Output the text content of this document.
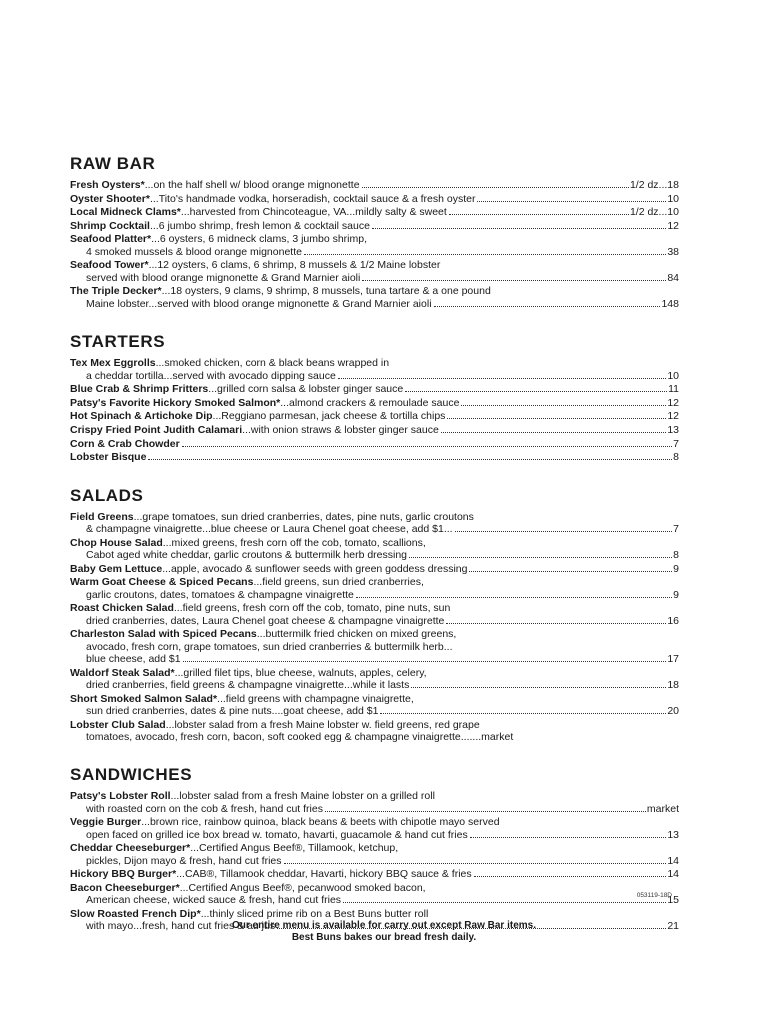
RAW BAR
Fresh Oysters* ...on the half shell w/ blood orange mignonette	1/2 dz...18
Oyster Shooter* ...Tito's handmade vodka, horseradish, cocktail sauce & a fresh oyster	10
Local Midneck Clams* ...harvested from Chincoteague, VA...mildly salty & sweet	1/2 dz...10
Shrimp Cocktail ...6 jumbo shrimp, fresh lemon & cocktail sauce	12
Seafood Platter* ...6 oysters, 6 midneck clams, 3 jumbo shrimp,
4 smoked mussels & blood orange mignonette	38
Seafood Tower* ...12 oysters, 6 clams, 6 shrimp, 8 mussels & 1/2 Maine lobster
served with blood orange mignonette & Grand Marnier aioli	84
The Triple Decker* ...18 oysters, 9 clams, 9 shrimp, 8 mussels, tuna tartare & a one pound
Maine lobster...served with blood orange mignonette & Grand Marnier aioli	148
STARTERS
Tex Mex Eggrolls ...smoked chicken, corn & black beans wrapped in
a cheddar tortilla...served with avocado dipping sauce	10
Blue Crab & Shrimp Fritters ...grilled corn salsa & lobster ginger sauce	11
Patsy's Favorite Hickory Smoked Salmon* ...almond crackers & remoulade sauce	12
Hot Spinach & Artichoke Dip ...Reggiano parmesan, jack cheese & tortilla chips	12
Crispy Fried Point Judith Calamari ...with onion straws & lobster ginger sauce	13
Corn & Crab Chowder	7
Lobster Bisque	8
SALADS
Field Greens ...grape tomatoes, sun dried cranberries, dates, pine nuts, garlic croutons
& champagne vinaigrette...blue cheese or Laura Chenel goat cheese, add $1...	7
Chop House Salad ...mixed greens, fresh corn off the cob, tomato, scallions,
Cabot aged white cheddar, garlic croutons & buttermilk herb dressing	8
Baby Gem Lettuce ...apple, avocado & sunflower seeds with green goddess dressing	9
Warm Goat Cheese & Spiced Pecans ...field greens, sun dried cranberries,
garlic croutons, dates, tomatoes & champagne vinaigrette	9
Roast Chicken Salad ...field greens, fresh corn off the cob, tomato, pine nuts, sun
dried cranberries, dates, Laura Chenel goat cheese & champagne vinaigrette	16
Charleston Salad with Spiced Pecans ...buttermilk fried chicken on mixed greens,
avocado, fresh corn, grape tomatoes, sun dried cranberries & buttermilk herb...
blue cheese, add $1	17
Waldorf Steak Salad* ...grilled filet tips, blue cheese, walnuts, apples, celery,
dried cranberries, field greens & champagne vinaigrette...while it lasts	18
Short Smoked Salmon Salad* ...field greens with champagne vinaigrette,
sun dried cranberries, dates & pine nuts....goat cheese, add $1	20
Lobster Club Salad ...lobster salad from a fresh Maine lobster w. field greens, red grape
tomatoes, avocado, fresh corn, bacon, soft cooked egg & champagne vinaigrette.......market
SANDWICHES
Patsy's Lobster Roll ...lobster salad from a fresh Maine lobster on a grilled roll
with roasted corn on the cob & fresh, hand cut fries	market
Veggie Burger ...brown rice, rainbow quinoa, black beans & beets with chipotle mayo served
open faced on grilled ice box bread w. tomato, havarti, guacamole & hand cut fries	13
Cheddar Cheeseburger* ...Certified Angus Beef®, Tillamook, ketchup,
pickles, Dijon mayo & fresh, hand cut fries	14
Hickory BBQ Burger* ...CAB®, Tillamook cheddar, Havarti, hickory BBQ sauce & fries	14
Bacon Cheeseburger* ...Certified Angus Beef®, pecanwood smoked bacon,
American cheese, wicked sauce & fresh, hand cut fries	15
Slow Roasted French Dip* ...thinly sliced prime rib on a Best Buns butter roll
with mayo...fresh, hand cut fries & au jus	21
053119-18D
Our entire menu is available for carry out except Raw Bar items.
Best Buns bakes our bread fresh daily.
